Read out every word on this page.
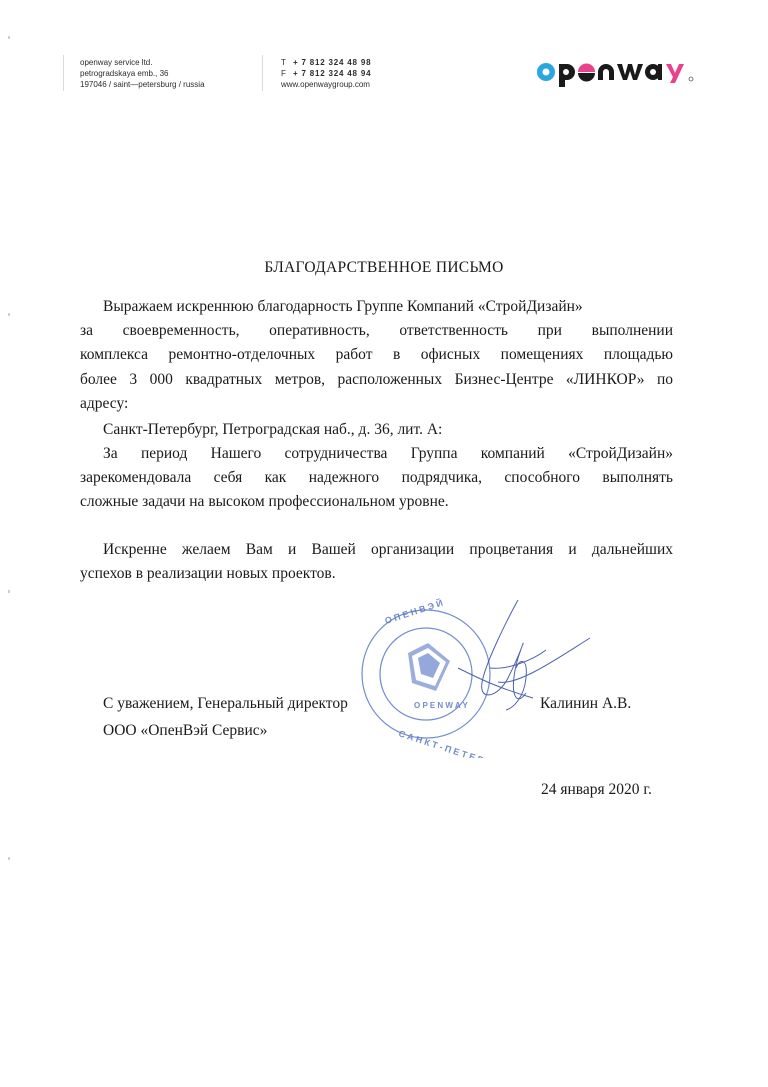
openway service ltd.
petrogradskaya emb., 36
197046 / saint—petersburg / russia
T + 7 812 324 48 98
F + 7 812 324 48 94
www.openwaygroup.com
БЛАГОДАРСТВЕННОЕ ПИСЬМО
Выражаем искреннюю благодарность Группе Компаний «СтройДизайн»
за своевременность, оперативность, ответственность при выполнении
комплекса ремонтно-отделочных работ в офисных помещениях площадью
более 3 000 квадратных метров, расположенных Бизнес-Центре «ЛИНКОР» по
адресу:
Санкт-Петербург, Петроградская наб., д. 36, лит. А:
За период Нашего сотрудничества Группа компаний «СтройДизайн»
зарекомендовала себя как надежного подрядчика, способного выполнять
сложные задачи на высоком профессиональном уровне.
Искренне желаем Вам и Вашей организации процветания и дальнейших
успехов в реализации новых проектов.
О П Е Н В Э Й
С А Н К Т - П Е Т Е Р
O P E N W A Y
С уважением, Генеральный директор
ООО «ОпенВэй Сервис»
Калинин А.В.
24 января 2020 г.
